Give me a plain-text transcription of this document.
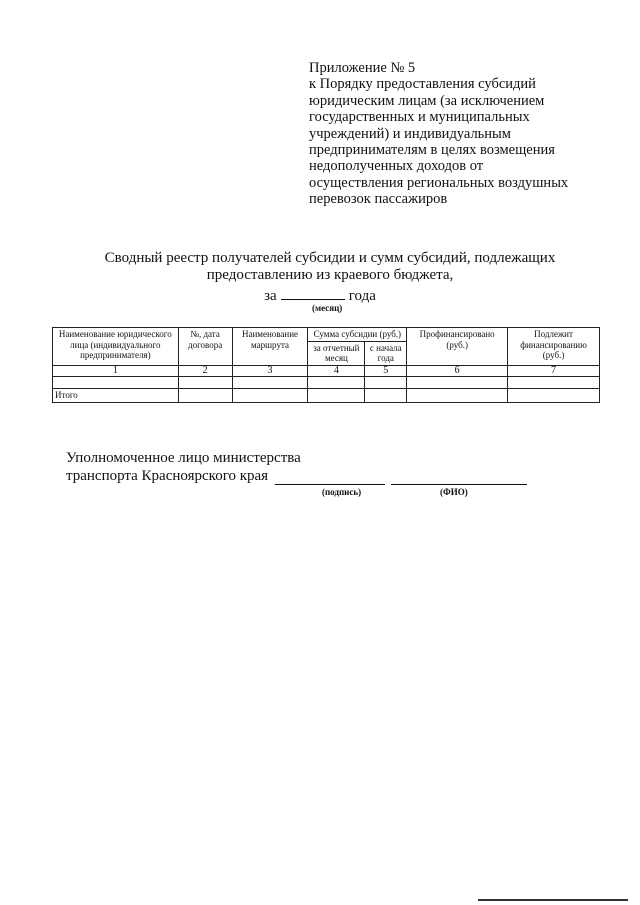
Приложение № 5
к Порядку предоставления субсидий
юридическим лицам (за исключением
государственных и муниципальных
учреждений) и индивидуальным
предпринимателям в целях возмещения
недополученных доходов от
осуществления региональных воздушных
перевозок пассажиров
Сводный реестр получателей субсидии и сумм субсидий, подлежащих
предоставлению из краевого бюджета,
за	года
(месяц)
Наименование юридического лица (индивидуального предпринимателя)	№, дата договора	Наименование маршрута	Сумма субсидии (руб.)		Профинансировано (руб.)	Подлежит финансированию (руб.)
			за отчетный месяц	с начала года		
1	2	3	4	5	6	7

Итого						
Уполномоченное лицо министерства
транспорта Красноярского края
(подпись)	(ФИО)
